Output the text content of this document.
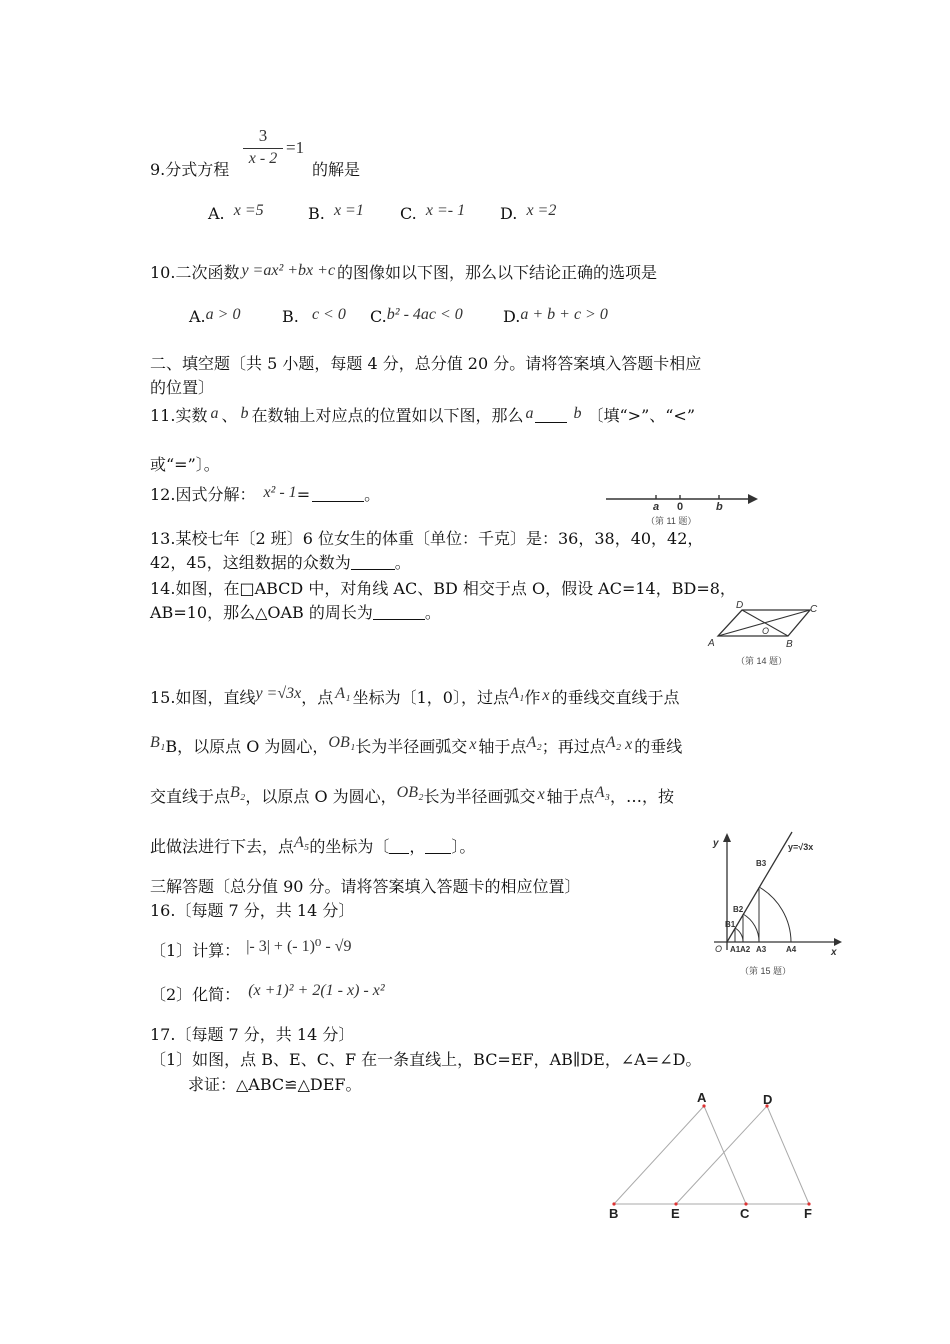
9.分式方程
3
x - 2
=1
的解是
A. x =5	B. x =1 C. x =- 1 D. x =2
10.二次函数 y =ax² +bx +c 的图像如以下图，那么以下结论正确的选项是
A.a > 0	B. c < 0 C.b² - 4ac < 0	D.a + b + c > 0
二、填空题〔共 5 小题，每题 4 分，总分值 20 分。请将答案填入答题卡相应
的位置〕
11.实数 a 、 b 在数轴上对应点的位置如以下图，那么 a	b 〔填“>”、“<”
或“=”〕。
a 0	b
（第 11 题）
12.因式分解： x² - 1=	。
13.某校七年〔2 班〕6 位女生的体重〔单位：千克〕是：36，38，40，42，
42，45，这组数据的众数为	。
14.如图，在□ABCD 中，对角线 AC、BD 相交于点 O，假设 AC=14，BD=8，
AB=10，那么△OAB 的周长为	。
A	B
C
D
O
（第 14 题）
15.如图，直线y =√3x，点 A₁ 坐标为〔1，0〕，过点A₁作 x 的垂线交直线于点
B₁B，以原点 O 为圆心，OB₁长为半径画弧交 x 轴于点A₂；再过点A₂ x 的垂线
交直线于点B₂，以原点 O 为圆心，OB₂长为半径画弧交 x 轴于点A₃，…，按
此做法进行下去，点A₅的坐标为〔 ， 〕。	y
x
O
y=√3x
A1 A2 A3 A4
B1
B2
B3
（第 15 题）
三解答题〔总分值 90 分。请将答案填入答题卡的相应位置〕
16.〔每题 7 分，共 14 分〕
〔1〕计算： |- 3| + (- 1)⁰ - √9
〔2〕化简： (x +1)² + 2(1 - x) - x²
17.〔每题 7 分，共 14 分〕
〔1〕如图，点 B、E、C、F 在一条直线上，BC=EF，AB∥DE，∠A=∠D。
求证：△ABC≌△DEF。
A	D
B	E	C	F
